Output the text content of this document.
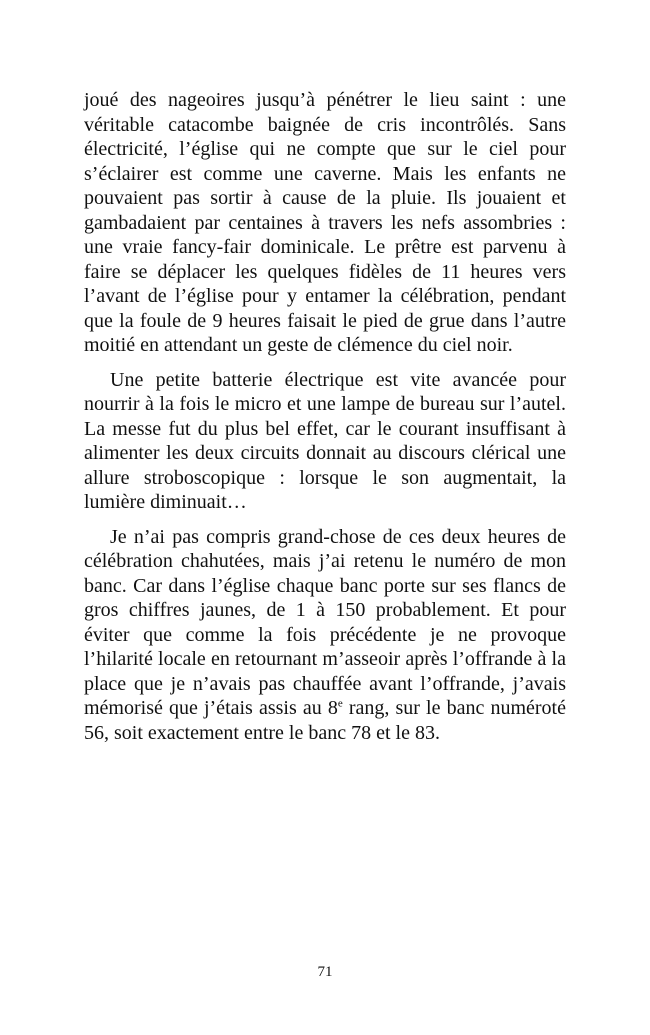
joué des nageoires jusqu’à pénétrer le lieu saint : une véritable catacombe baignée de cris incontrôlés. Sans électricité, l’église qui ne compte que sur le ciel pour s’éclairer est comme une caverne. Mais les enfants ne pouvaient pas sortir à cause de la pluie. Ils jouaient et gambadaient par centaines à travers les nefs assombries : une vraie fancy-fair dominicale. Le prêtre est parvenu à faire se déplacer les quelques fidèles de 11 heures vers l’avant de l’église pour y entamer la célébration, pendant que la foule de 9 heures faisait le pied de grue dans l’autre moitié en attendant un geste de clémence du ciel noir.

Une petite batterie électrique est vite avancée pour nourrir à la fois le micro et une lampe de bureau sur l’autel. La messe fut du plus bel effet, car le courant insuffisant à alimenter les deux circuits donnait au discours clérical une allure stroboscopique : lorsque le son augmentait, la lumière diminuait…

Je n’ai pas compris grand-chose de ces deux heures de célébration chahutées, mais j’ai retenu le numéro de mon banc. Car dans l’église chaque banc porte sur ses flancs de gros chiffres jaunes, de 1 à 150 probablement. Et pour éviter que comme la fois précédente je ne provoque l’hilarité locale en retournant m’asseoir après l’offrande à la place que je n’avais pas chauffée avant l’offrande, j’avais mémorisé que j’étais assis au 8e rang, sur le banc numéroté 56, soit exactement entre le banc 78 et le 83.

71
